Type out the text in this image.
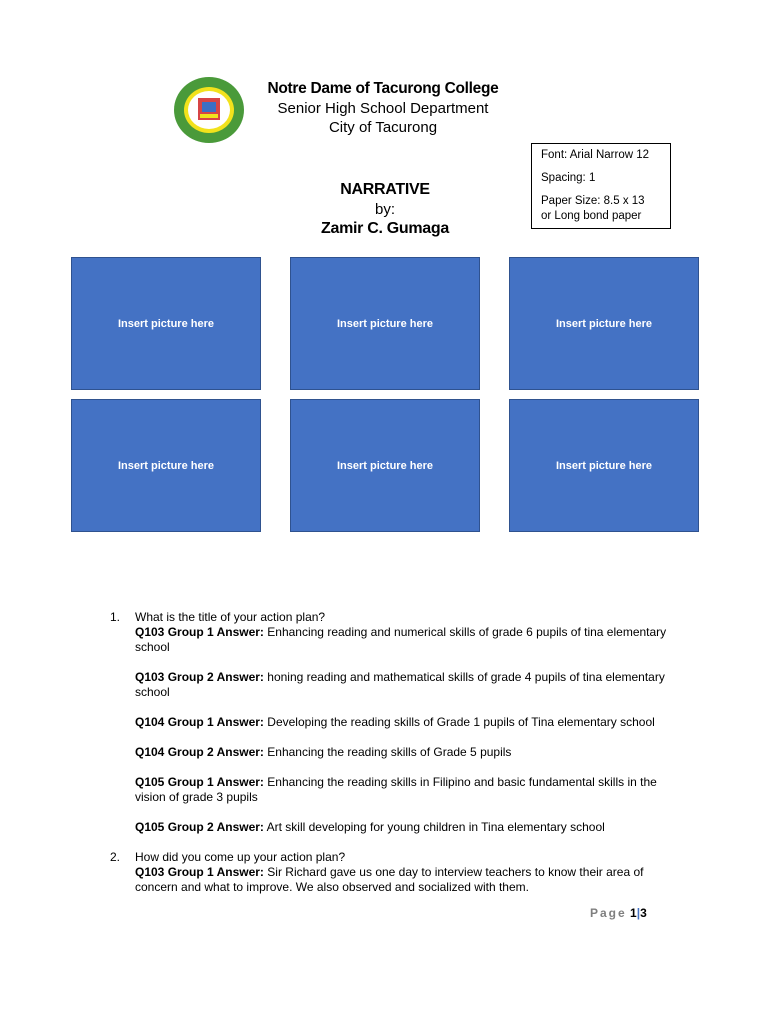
Notre Dame of Tacurong College
Senior High School Department
City of Tacurong
Font: Arial Narrow 12
Spacing: 1
Paper Size: 8.5 x 13
or Long bond paper
NARRATIVE
by:
Zamir C. Gumaga
Insert picture here	Insert picture here	Insert picture here
Insert picture here	Insert picture here	Insert picture here
1. What is the title of your action plan?
Q103 Group 1 Answer: Enhancing reading and numerical skills of grade 6 pupils of tina elementary school
Q103 Group 2 Answer: honing reading and mathematical skills of grade 4 pupils of tina elementary school
Q104 Group 1 Answer: Developing the reading skills of Grade 1 pupils of Tina elementary school
Q104 Group 2 Answer: Enhancing the reading skills of Grade 5 pupils
Q105 Group 1 Answer: Enhancing the reading skills in Filipino and basic fundamental skills in the vision of grade 3 pupils
Q105 Group 2 Answer: Art skill developing for young children in Tina elementary school
2. How did you come up your action plan?
Q103 Group 1 Answer: Sir Richard gave us one day to interview teachers to know their area of concern and what to improve. We also observed and socialized with them.
Page 1|3
